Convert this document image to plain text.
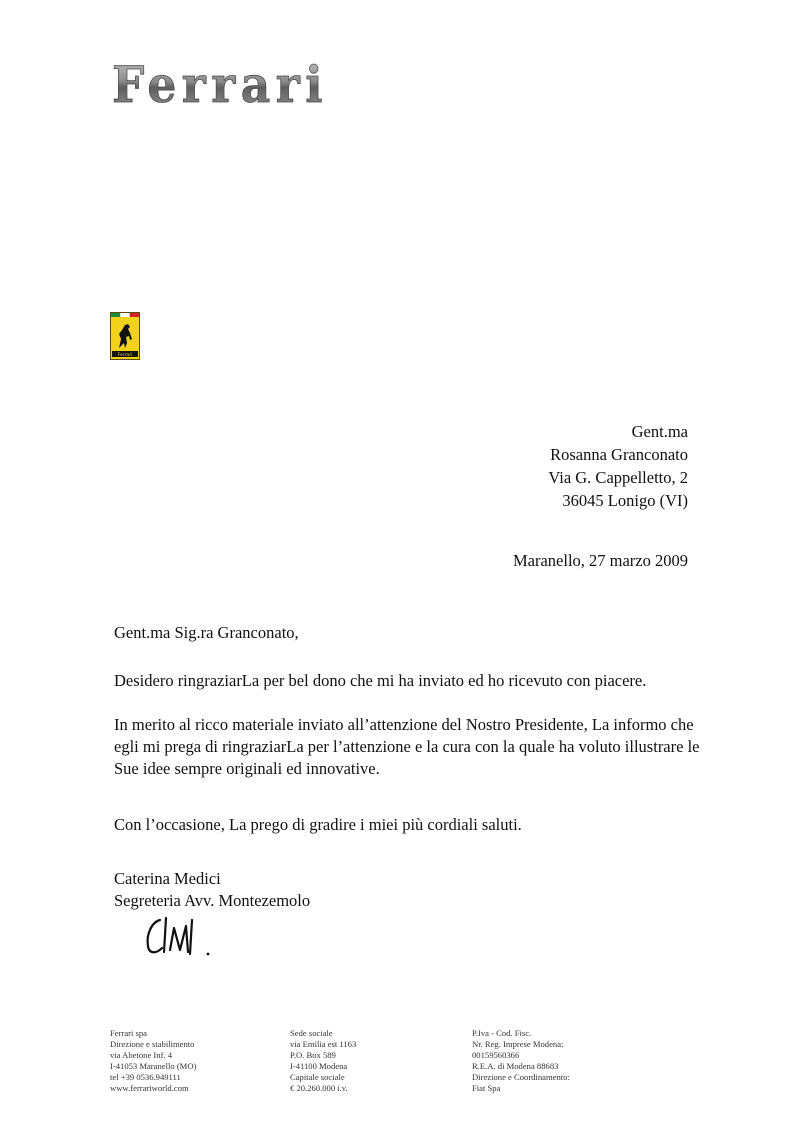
Ferrari
Ferrari
Gent.ma
Rosanna Granconato
Via G. Cappelletto, 2
36045 Lonigo (VI)
Maranello, 27 marzo 2009

Gent.ma Sig.ra Granconato,

Desidero ringraziarLa per bel dono che mi ha inviato ed ho ricevuto con piacere.

In merito al ricco materiale inviato all’attenzione del Nostro Presidente, La informo che egli mi prega di ringraziarLa per l’attenzione e la cura con la quale ha voluto illustrare le Sue idee sempre originali ed innovative.

Con l’occasione, La prego di gradire i miei più cordiali saluti.

Caterina Medici
Segreteria Avv. Montezemolo

Ferrari spa
Direzione e stabilimento
via Abetone Inf. 4
I-41053 Maranello (MO)
tel +39 0536.949111
www.ferrariworld.com
Sede sociale
via Emilia est 1163
P.O. Box 589
I-41100 Modena
Capitale sociale
€ 20.260.000 i.v.
P.Iva - Cod. Fisc.
Nr. Reg. Imprese Modena:
00159560366
R.E.A. di Modena 88683
Direzione e Coordinamento:
Fiat Spa
